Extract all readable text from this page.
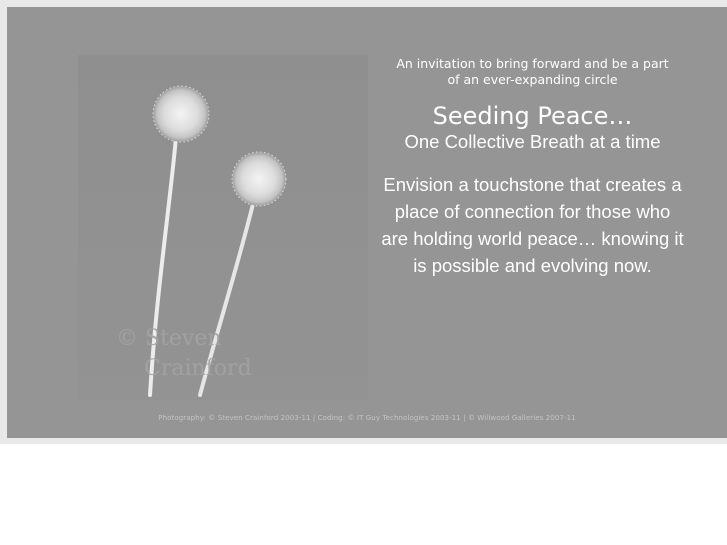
© Steven
Crainford
An invitation to bring forward and be a part
of an ever-expanding circle
Seeding Peace…
One Collective Breath at a time
Envision a touchstone that creates a place of connection for those who are holding world peace… knowing it is possible and evolving now.
Photography: © Steven Crainford 2003-11 | Coding: © IT Guy Technologies 2003-11 | © Willwood Galleries 2007-11
